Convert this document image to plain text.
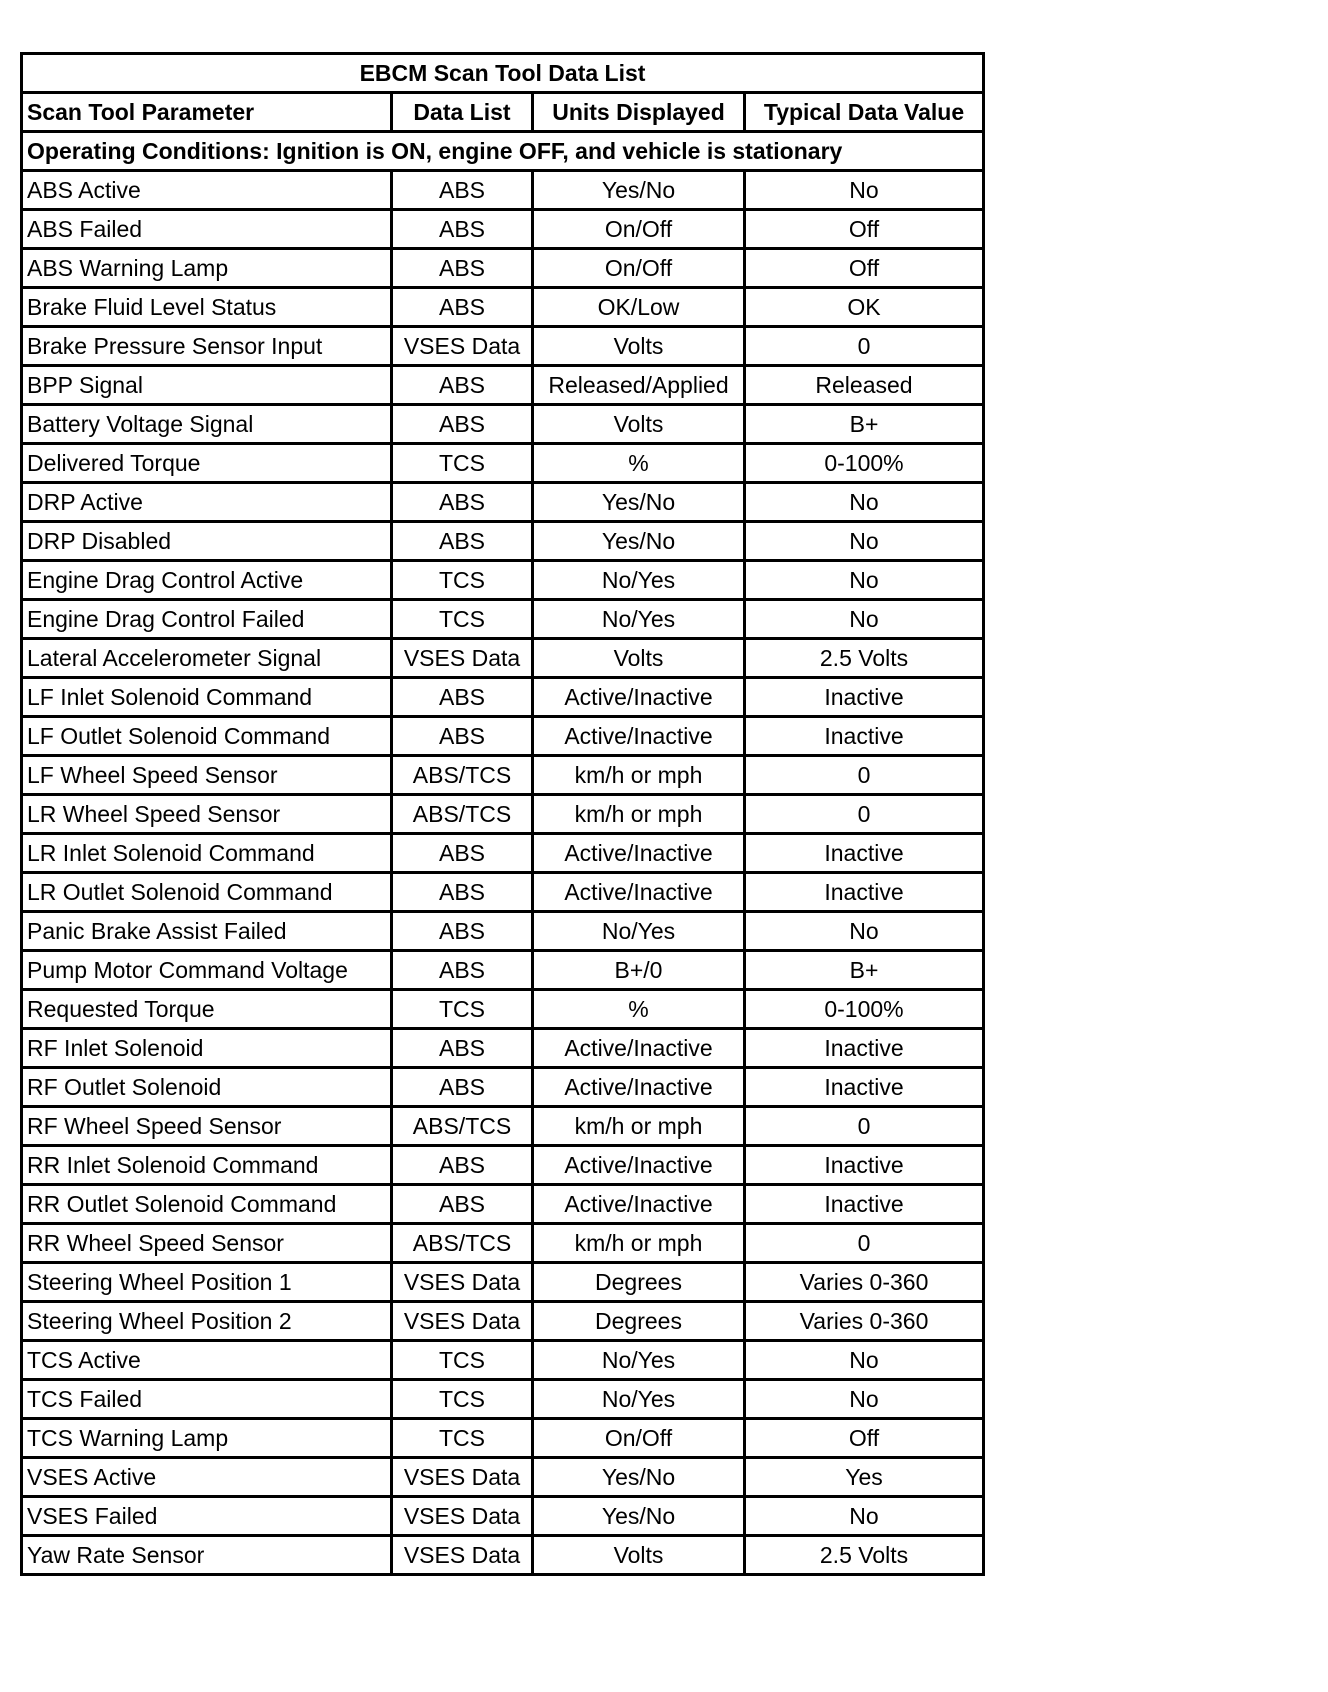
EBCM Scan Tool Data List			
Scan Tool Parameter	Data List	Units Displayed	Typical Data Value
Operating Conditions: Ignition is ON, engine OFF, and vehicle is stationary			
ABS Active	ABS	Yes/No	No
ABS Failed	ABS	On/Off	Off
ABS Warning Lamp	ABS	On/Off	Off
Brake Fluid Level Status	ABS	OK/Low	OK
Brake Pressure Sensor Input	VSES Data	Volts	0
BPP Signal	ABS	Released/Applied	Released
Battery Voltage Signal	ABS	Volts	B+
Delivered Torque	TCS	%	0-100%
DRP Active	ABS	Yes/No	No
DRP Disabled	ABS	Yes/No	No
Engine Drag Control Active	TCS	No/Yes	No
Engine Drag Control Failed	TCS	No/Yes	No
Lateral Accelerometer Signal	VSES Data	Volts	2.5 Volts
LF Inlet Solenoid Command	ABS	Active/Inactive	Inactive
LF Outlet Solenoid Command	ABS	Active/Inactive	Inactive
LF Wheel Speed Sensor	ABS/TCS	km/h or mph	0
LR Wheel Speed Sensor	ABS/TCS	km/h or mph	0
LR Inlet Solenoid Command	ABS	Active/Inactive	Inactive
LR Outlet Solenoid Command	ABS	Active/Inactive	Inactive
Panic Brake Assist Failed	ABS	No/Yes	No
Pump Motor Command Voltage	ABS	B+/0	B+
Requested Torque	TCS	%	0-100%
RF Inlet Solenoid	ABS	Active/Inactive	Inactive
RF Outlet Solenoid	ABS	Active/Inactive	Inactive
RF Wheel Speed Sensor	ABS/TCS	km/h or mph	0
RR Inlet Solenoid Command	ABS	Active/Inactive	Inactive
RR Outlet Solenoid Command	ABS	Active/Inactive	Inactive
RR Wheel Speed Sensor	ABS/TCS	km/h or mph	0
Steering Wheel Position 1	VSES Data	Degrees	Varies 0-360
Steering Wheel Position 2	VSES Data	Degrees	Varies 0-360
TCS Active	TCS	No/Yes	No
TCS Failed	TCS	No/Yes	No
TCS Warning Lamp	TCS	On/Off	Off
VSES Active	VSES Data	Yes/No	Yes
VSES Failed	VSES Data	Yes/No	No
Yaw Rate Sensor	VSES Data	Volts	2.5 Volts
